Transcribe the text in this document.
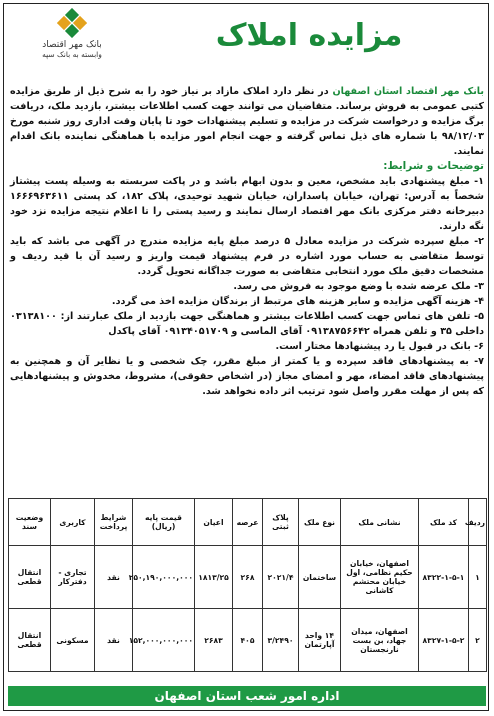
بانک مهر اقتصاد
وابسته به بانک سپه
مزایده املاک

بانک مهر اقتصاد استان اصفهان در نظر دارد املاک مازاد بر نیاز خود را به شرح ذیل از طریق مزایده کتبی عمومی به فروش برساند. متقاضیان می توانند جهت کسب اطلاعات بیشتر، بازدید ملک، دریافت برگ مزایده و درخواست شرکت در مزایده و تسلیم پیشنهادات خود تا پایان وقت اداری روز شنبه مورخ ۹۸/۱۲/۰۳ با شماره های ذیل تماس گرفته و جهت انجام امور مزایده با هماهنگی نماینده بانک اقدام نمایند.

توضیحات و شرایط:

۱- مبلغ پیشنهادی باید مشخص، معین و بدون ابهام باشد و در پاکت سربسته به وسیله پست پیشتاز شخصاً به آدرس: تهران، خیابان پاسداران، خیابان شهید توحیدی، پلاک ۱۸۲، کد پستی ۱۶۶۶۹۶۳۶۱۱ دبیرخانه دفتر مرکزی بانک مهر اقتصاد ارسال نمایند و رسید پستی را تا اعلام نتیجه مزایده نزد خود نگه دارند.

۲- مبلغ سپرده شرکت در مزایده معادل ۵ درصد مبلغ پایه مزایده مندرج در آگهی می باشد که باید توسط متقاضی به حساب مورد اشاره در فرم پیشنهاد قیمت واریز و رسید آن با قید ردیف و مشخصات دقیق ملک مورد انتخابی متقاضی به صورت جداگانه تحویل گردد.

۳- ملک عرضه شده با وضع موجود به فروش می رسد.

۴- هزینه آگهی مزایده و سایر هزینه های مرتبط از برندگان مزایده اخذ می گردد.

۵- تلفن های تماس جهت کسب اطلاعات بیشتر و هماهنگی جهت بازدید از ملک عبارتند از: ۰۳۱۳۸۱۰۰ داخلی ۳۵ و تلفن همراه ۰۹۱۳۸۷۵۶۶۴۲ آقای الماسی و ۰۹۱۳۴۰۵۱۷۰۹ آقای پاکدل

۶- بانک در قبول یا رد پیشنهادها مختار است.

۷- به پیشنهادهای فاقد سپرده و یا کمتر از مبلغ مقرر، چک شخصی و یا نظایر آن و همچنین به پیشنهادهای فاقد امضاء، مهر و امضای مجاز (در اشخاص حقوقی)، مشروط، مخدوش و پیشنهادهایی که پس از مهلت مقرر واصل شود ترتیب اثر داده نخواهد شد.

ردیف	کد ملک	نشانی ملک	نوع ملک	پلاک ثبتی	عرصه	اعیان	قیمت پایه (ریال)	شرایط پرداخت	کاربری	وضعیت سند
۱	۸۳۲۲-۱-۵-۱	اصفهان، خیابان حکیم نظامی، اول خیابان محتشم کاشانی	ساختمان	۲۰۲۱/۴	۲۶۸	۱۸۱۳/۲۵	۲۵۰,۱۹۰,۰۰۰,۰۰۰	نقد	تجاری - دفترکار	انتقال قطعی
۲	۸۳۲۷-۱-۵-۲	اصفهان، میدان جهاد، بن بست نارنجستان	۱۴ واحد آپارتمان	۳/۲۴۹۰	۴۰۵	۲۶۸۳	۱۵۲,۰۰۰,۰۰۰,۰۰۰	نقد	مسکونی	انتقال قطعی
اداره امور شعب استان اصفهان
